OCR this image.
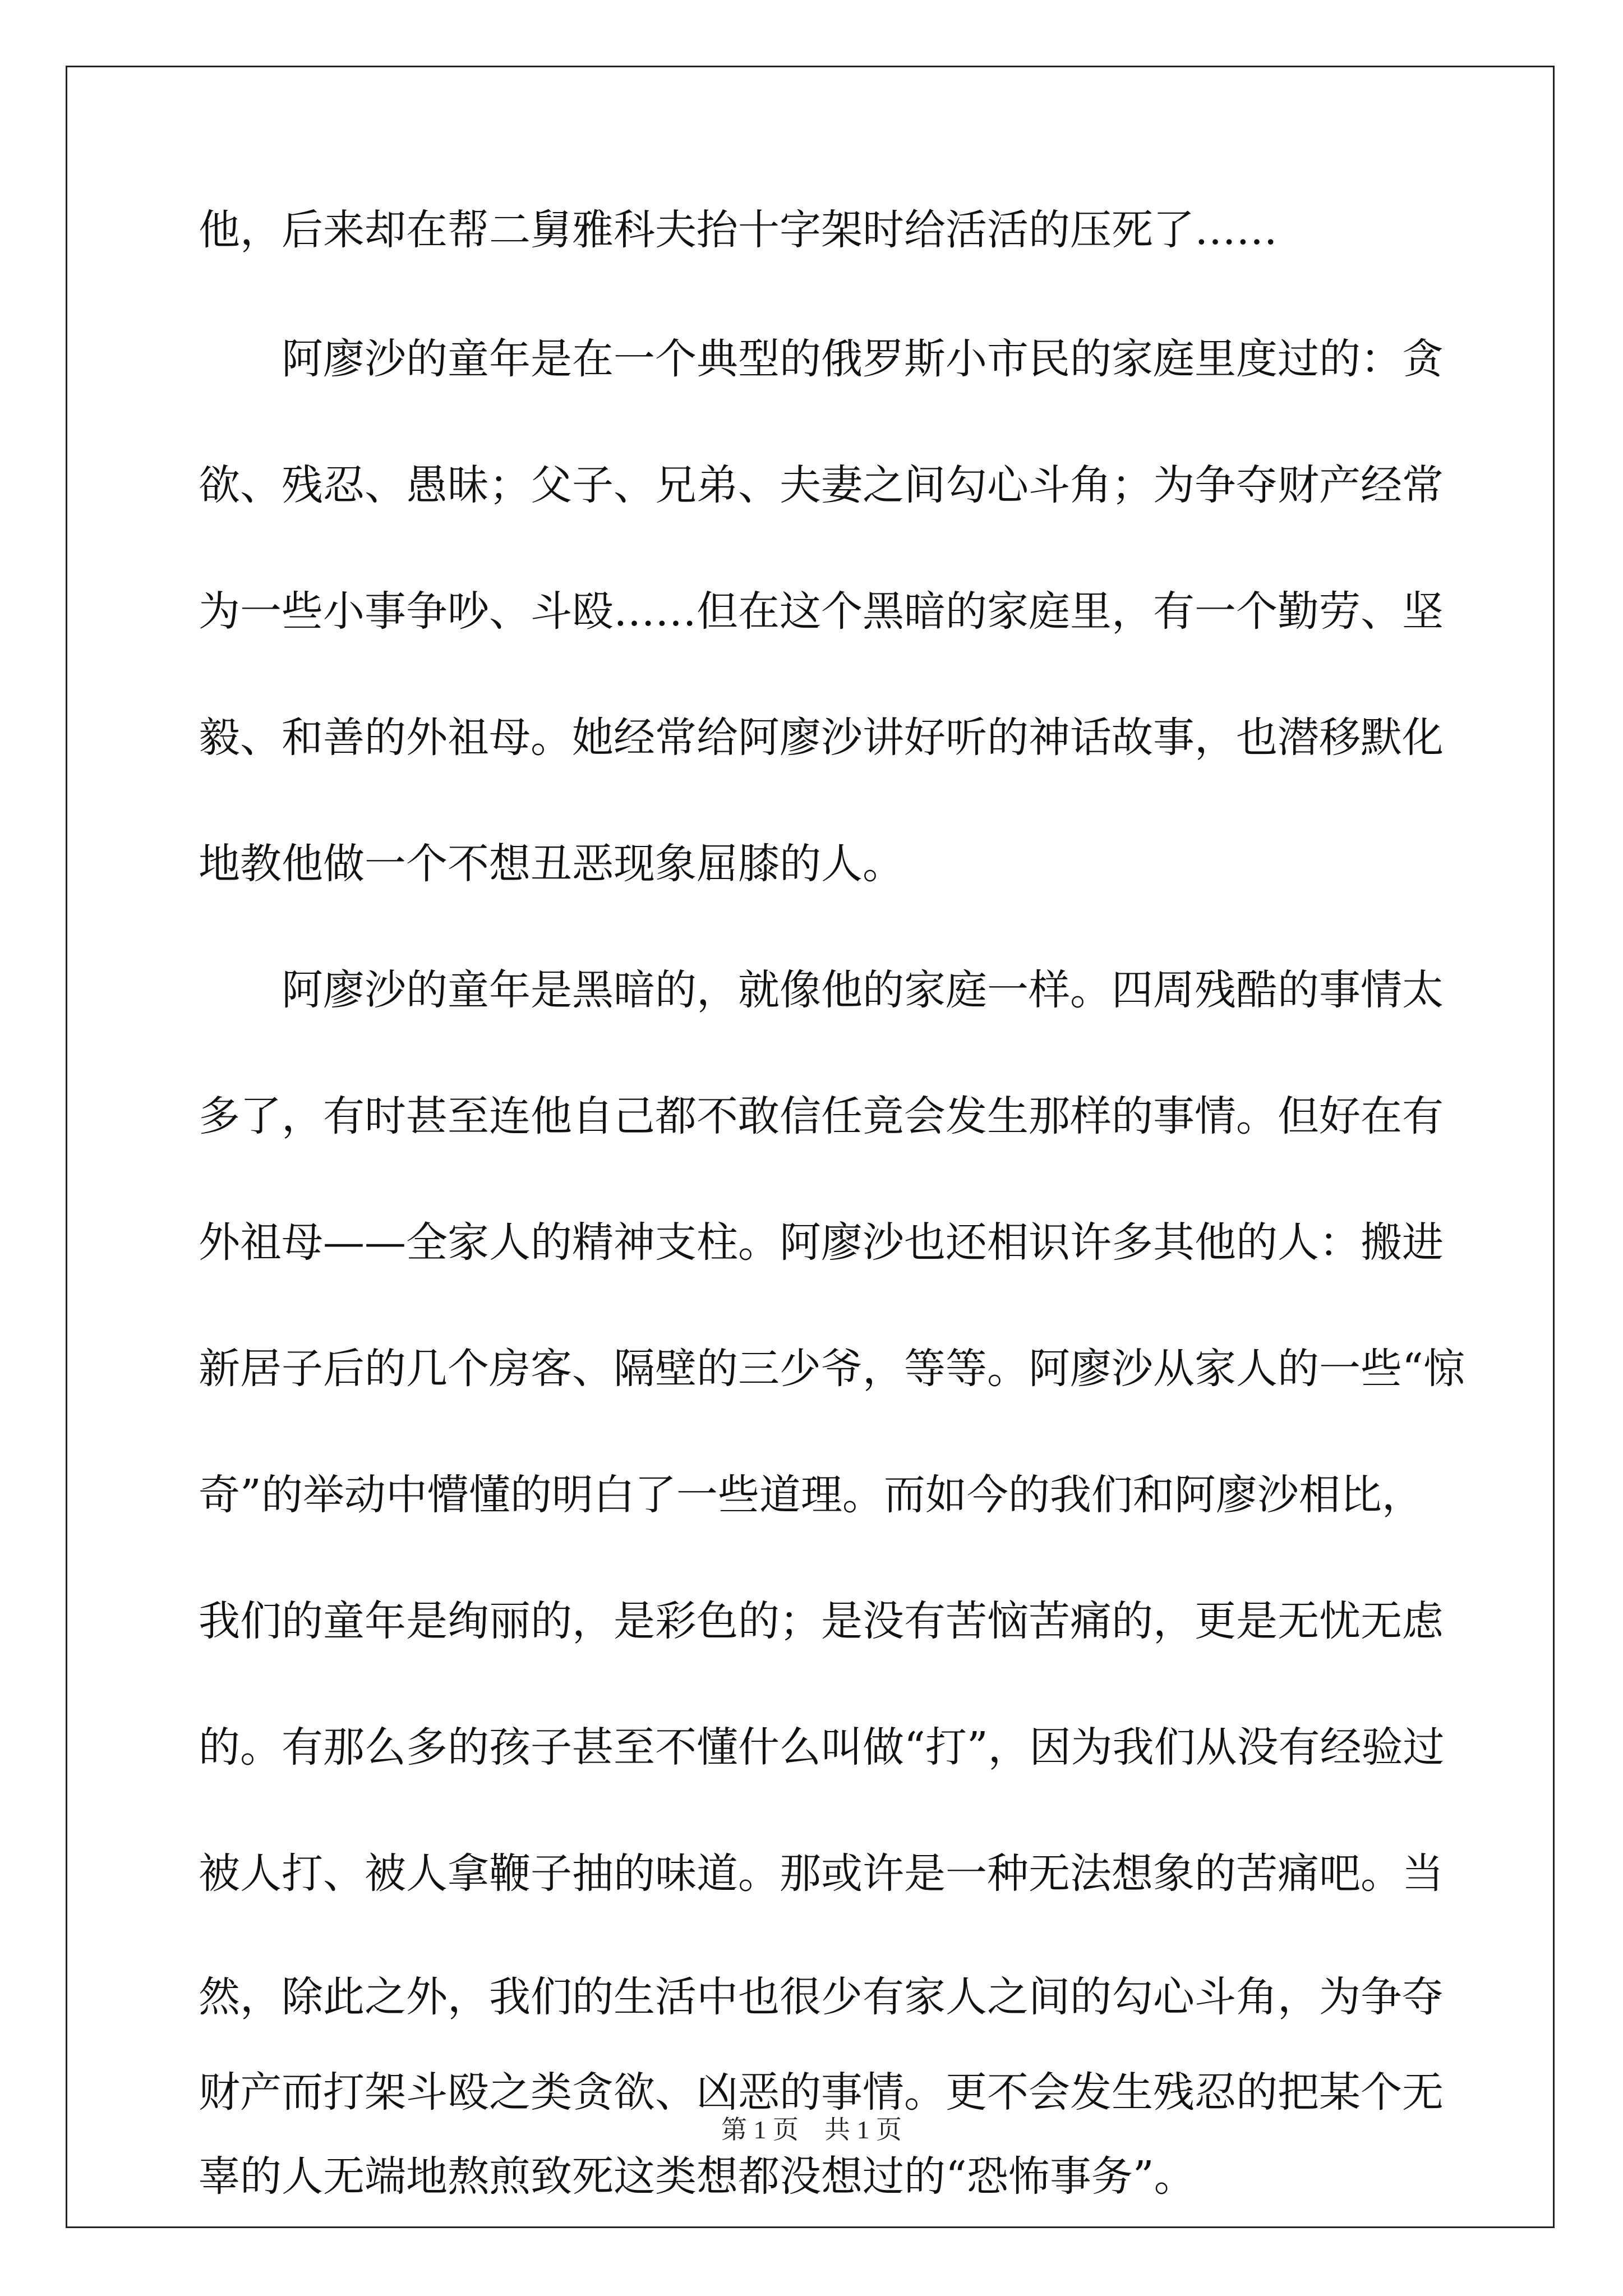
他，后来却在帮二舅雅科夫抬十字架时给活活的压死了……
阿廖沙的童年是在一个典型的俄罗斯小市民的家庭里度过的：贪
欲、残忍、愚昧；父子、兄弟、夫妻之间勾心斗角；为争夺财产经常
为一些小事争吵、斗殴……但在这个黑暗的家庭里，有一个勤劳、坚
毅、和善的外祖母。她经常给阿廖沙讲好听的神话故事，也潜移默化
地教他做一个不想丑恶现象屈膝的人。
阿廖沙的童年是黑暗的，就像他的家庭一样。四周残酷的事情太
多了，有时甚至连他自己都不敢信任竟会发生那样的事情。但好在有
外祖母——全家人的精神支柱。阿廖沙也还相识许多其他的人：搬进
新居子后的几个房客、隔壁的三少爷，等等。阿廖沙从家人的一些“惊
奇”的举动中懵懂的明白了一些道理。而如今的我们和阿廖沙相比，
我们的童年是绚丽的，是彩色的；是没有苦恼苦痛的，更是无忧无虑
的。有那么多的孩子甚至不懂什么叫做“打”，因为我们从没有经验过
被人打、被人拿鞭子抽的味道。那或许是一种无法想象的苦痛吧。当
然，除此之外，我们的生活中也很少有家人之间的勾心斗角，为争夺
财产而打架斗殴之类贪欲、凶恶的事情。更不会发生残忍的把某个无
辜的人无端地熬煎致死这类想都没想过的“恐怖事务”。
第 1 页　共 1 页
